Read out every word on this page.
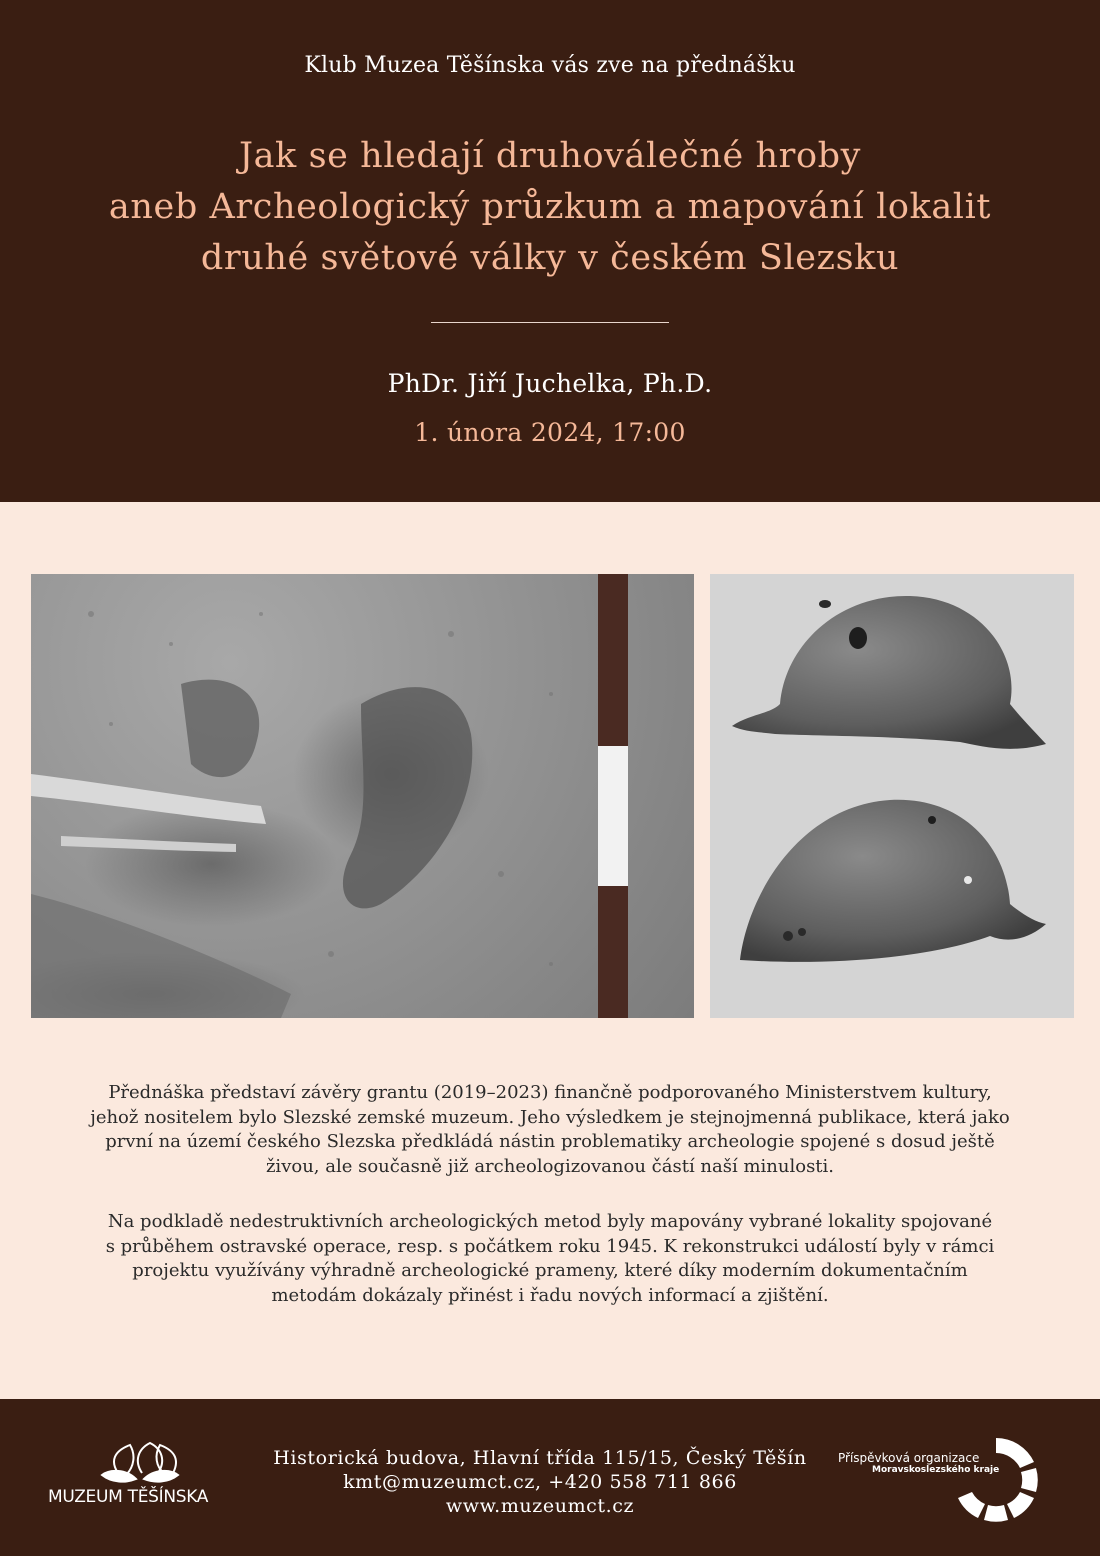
Klub Muzea Těšínska vás zve na přednášku
Jak se hledají druhoválečné hroby
aneb Archeologický průzkum a mapování lokalit
druhé světové války v českém Slezsku
PhDr. Jiří Juchelka, Ph.D.
1. února 2024, 17:00
Přednáška představí závěry grantu (2019–2023) finančně podporovaného Ministerstvem kultury,
jehož nositelem bylo Slezské zemské muzeum. Jeho výsledkem je stejnojmenná publikace, která jako
první na území českého Slezska předkládá nástin problematiky archeologie spojené s dosud ještě
živou, ale současně již archeologizovanou částí naší minulosti.
Na podkladě nedestruktivních archeologických metod byly mapovány vybrané lokality spojované
s průběhem ostravské operace, resp. s počátkem roku 1945. K rekonstrukci událostí byly v rámci
projektu využívány výhradně archeologické prameny, které díky moderním dokumentačním
metodám dokázaly přinést i řadu nových informací a zjištění.
MUZEUM TĚŠÍNSKA
Historická budova, Hlavní třída 115/15, Český Těšín
kmt@muzeumct.cz, +420 558 711 866
www.muzeumct.cz
Příspěvková organizace
Moravskoslezského kraje
